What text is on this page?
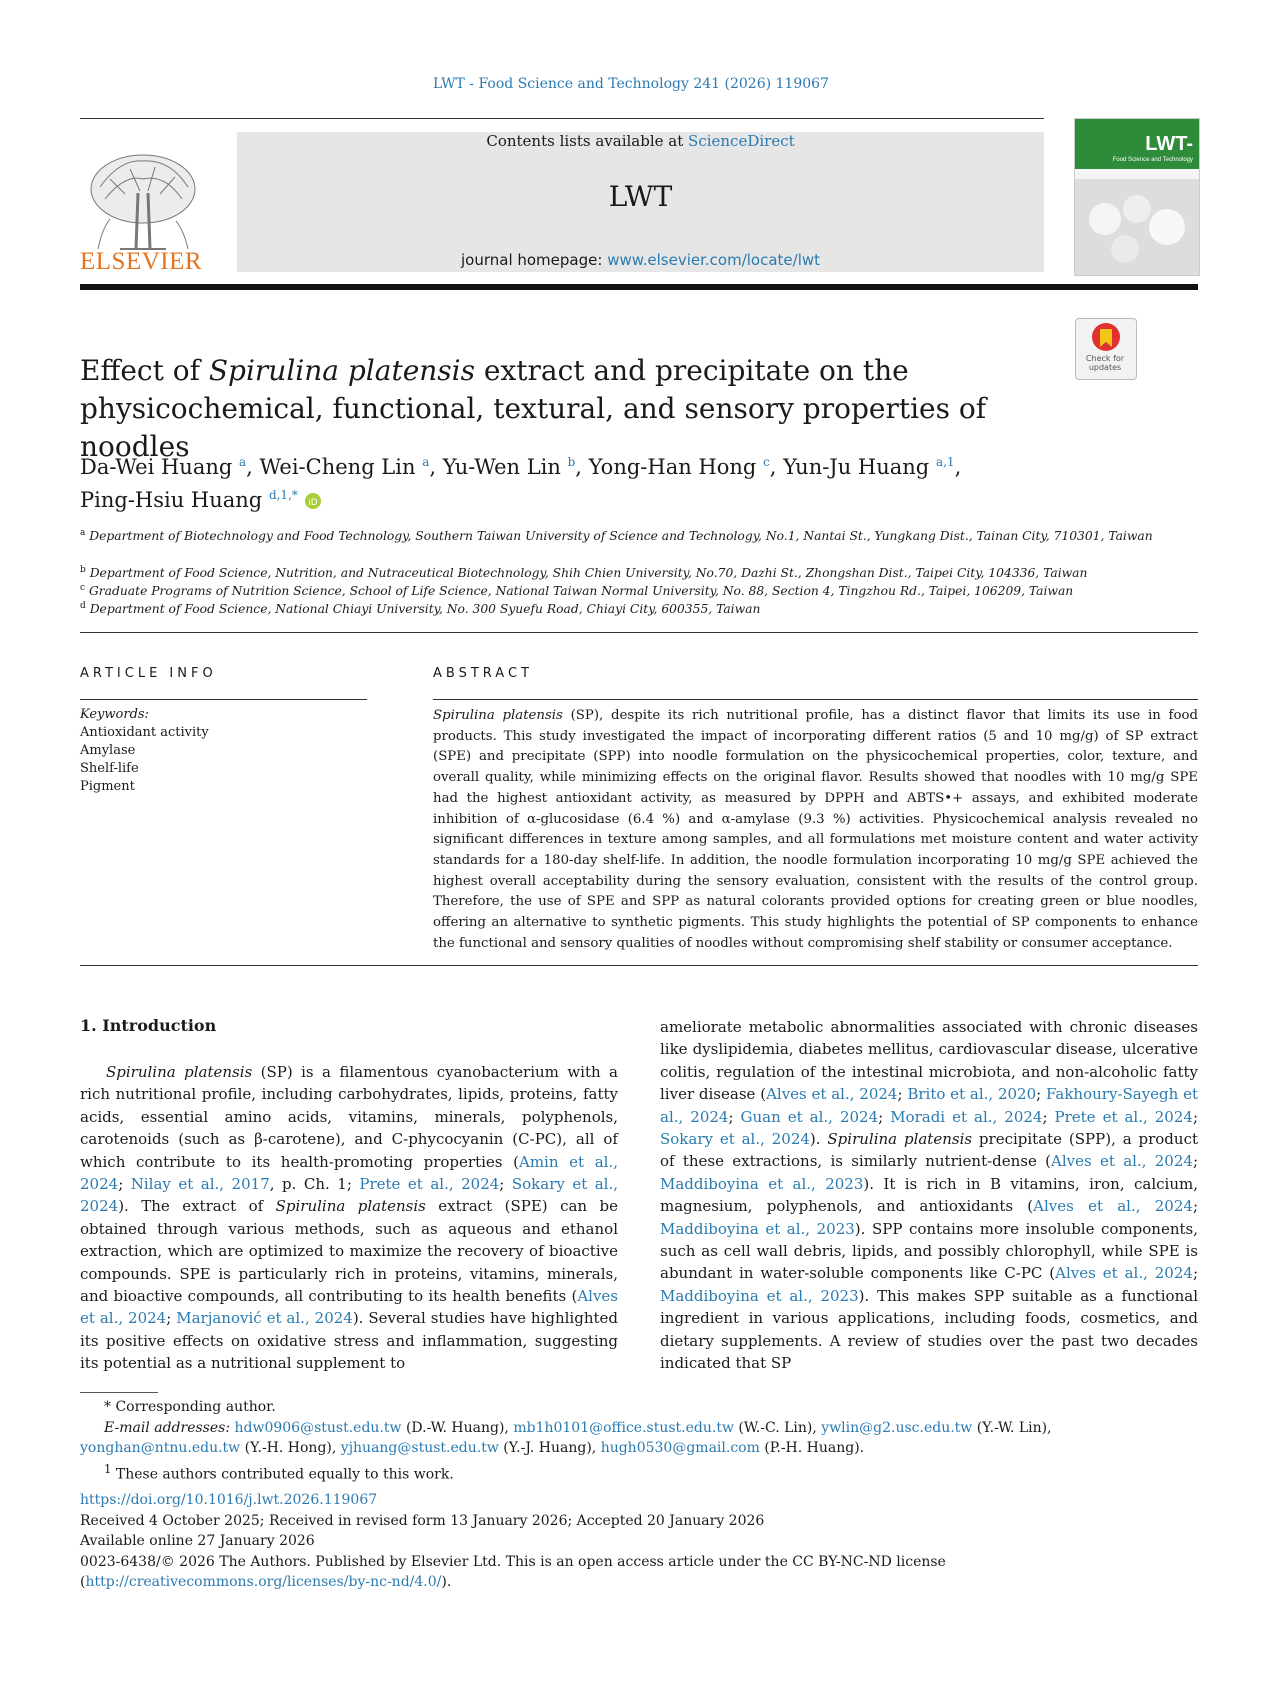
LWT - Food Science and Technology 241 (2026) 119067
ELSEVIER
Contents lists available at ScienceDirect
LWT
journal homepage: www.elsevier.com/locate/lwt
LWT-
Food Science and Technology
Check for updates
Effect of Spirulina platensis extract and precipitate on the physicochemical, functional, textural, and sensory properties of noodles
Da-Wei Huang $^a$, Wei-Cheng Lin $^a$, Yu-Wen Lin $^b$, Yong-Han Hong $^c$, Yun-Ju Huang $^{a,1}$,
Ping-Hsiu Huang $^{d,1,*}$
iD
$^a$ Department of Biotechnology and Food Technology, Southern Taiwan University of Science and Technology, No.1, Nantai St., Yungkang Dist., Tainan City, 710301, Taiwan
$^b$ Department of Food Science, Nutrition, and Nutraceutical Biotechnology, Shih Chien University, No.70, Dazhi St., Zhongshan Dist., Taipei City, 104336, Taiwan
$^c$ Graduate Programs of Nutrition Science, School of Life Science, National Taiwan Normal University, No. 88, Section 4, Tingzhou Rd., Taipei, 106209, Taiwan
$^d$ Department of Food Science, National Chiayi University, No. 300 Syuefu Road, Chiayi City, 600355, Taiwan
ARTICLE INFO
Keywords:
Antioxidant activity
Amylase
Shelf-life
Pigment
ABSTRACT
Spirulina platensis (SP), despite its rich nutritional profile, has a distinct flavor that limits its use in food products. This study investigated the impact of incorporating different ratios (5 and 10 mg/g) of SP extract (SPE) and precipitate (SPP) into noodle formulation on the physicochemical properties, color, texture, and overall quality, while minimizing effects on the original flavor. Results showed that noodles with 10 mg/g SPE had the highest antioxidant activity, as measured by DPPH and ABTS•+ assays, and exhibited moderate inhibition of α-glucosidase (6.4 %) and α-amylase (9.3 %) activities. Physicochemical analysis revealed no significant differences in texture among samples, and all formulations met moisture content and water activity standards for a 180-day shelf-life. In addition, the noodle formulation incorporating 10 mg/g SPE achieved the highest overall acceptability during the sensory evaluation, consistent with the results of the control group. Therefore, the use of SPE and SPP as natural colorants provided options for creating green or blue noodles, offering an alternative to synthetic pigments. This study highlights the potential of SP components to enhance the functional and sensory qualities of noodles without compromising shelf stability or consumer acceptance.
1. Introduction

Spirulina platensis (SP) is a filamentous cyanobacterium with a rich nutritional profile, including carbohydrates, lipids, proteins, fatty acids, essential amino acids, vitamins, minerals, polyphenols, carotenoids (such as β-carotene), and C-phycocyanin (C-PC), all of which contribute to its health-promoting properties (Amin et al., 2024; Nilay et al., 2017, p. Ch. 1; Prete et al., 2024; Sokary et al., 2024). The extract of Spirulina platensis extract (SPE) can be obtained through various methods, such as aqueous and ethanol extraction, which are optimized to maximize the recovery of bioactive compounds. SPE is particularly rich in proteins, vitamins, minerals, and bioactive compounds, all contributing to its health benefits (Alves et al., 2024; Marjanović et al., 2024). Several studies have highlighted its positive effects on oxidative stress and inflammation, suggesting its potential as a nutritional supplement to

ameliorate metabolic abnormalities associated with chronic diseases like dyslipidemia, diabetes mellitus, cardiovascular disease, ulcerative colitis, regulation of the intestinal microbiota, and non-alcoholic fatty liver disease (Alves et al., 2024; Brito et al., 2020; Fakhoury-Sayegh et al., 2024; Guan et al., 2024; Moradi et al., 2024; Prete et al., 2024; Sokary et al., 2024). Spirulina platensis precipitate (SPP), a product of these extractions, is similarly nutrient-dense (Alves et al., 2024; Maddiboyina et al., 2023). It is rich in B vitamins, iron, calcium, magnesium, polyphenols, and antioxidants (Alves et al., 2024; Maddiboyina et al., 2023). SPP contains more insoluble components, such as cell wall debris, lipids, and possibly chlorophyll, while SPE is abundant in water-soluble components like C-PC (Alves et al., 2024; Maddiboyina et al., 2023). This makes SPP suitable as a functional ingredient in various applications, including foods, cosmetics, and dietary supplements. A review of studies over the past two decades indicated that SP

* Corresponding author.
E-mail addresses: hdw0906@stust.edu.tw (D.-W. Huang), mb1h0101@office.stust.edu.tw (W.-C. Lin), ywlin@g2.usc.edu.tw (Y.-W. Lin), yonghan@ntnu.edu.tw (Y.-H. Hong), yjhuang@stust.edu.tw (Y.-J. Huang), hugh0530@gmail.com (P.-H. Huang).
$^1$ These authors contributed equally to this work.
https://doi.org/10.1016/j.lwt.2026.119067
Received 4 October 2025; Received in revised form 13 January 2026; Accepted 20 January 2026
Available online 27 January 2026
0023-6438/© 2026 The Authors. Published by Elsevier Ltd. This is an open access article under the CC BY-NC-ND license (http://creativecommons.org/licenses/by-nc-nd/4.0/).
